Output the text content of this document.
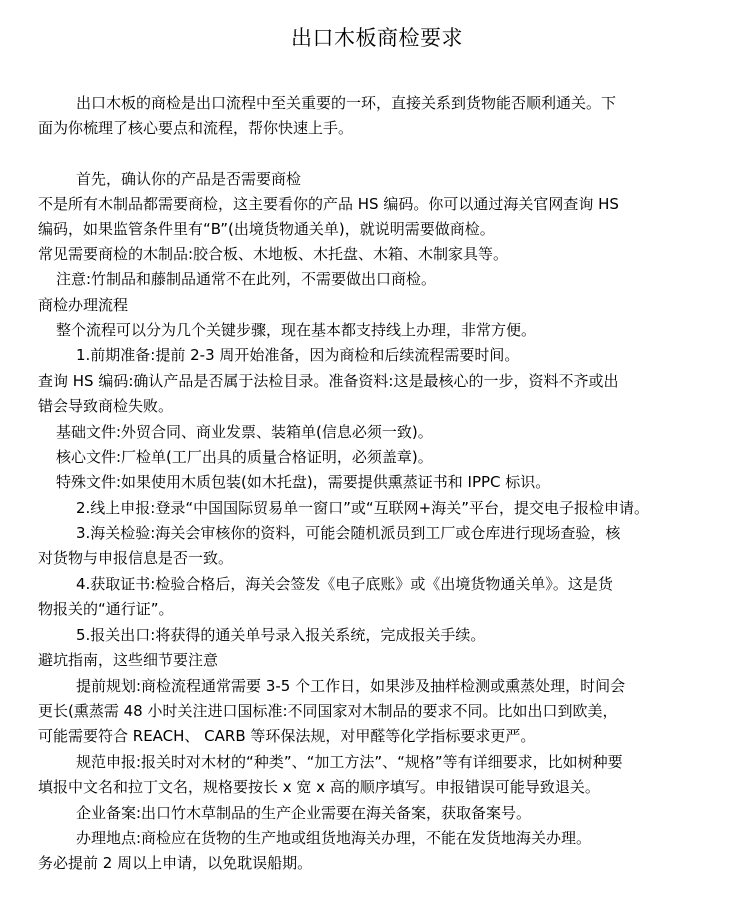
出口木板商检要求
出口木板的商检是出口流程中至关重要的一环，直接关系到货物能否顺利通关。下
面为你梳理了核心要点和流程，帮你快速上手。
首先，确认你的产品是否需要商检
不是所有木制品都需要商检，这主要看你的产品 HS 编码。你可以通过海关官网查询 HS
编码，如果监管条件里有“B”(出境货物通关单)，就说明需要做商检。
常见需要商检的木制品:胶合板、木地板、木托盘、木箱、木制家具等。
注意:竹制品和藤制品通常不在此列，不需要做出口商检。
商检办理流程
整个流程可以分为几个关键步骤，现在基本都支持线上办理，非常方便。
1.前期准备:提前 2-3 周开始准备，因为商检和后续流程需要时间。
查询 HS 编码:确认产品是否属于法检目录。准备资料:这是最核心的一步，资料不齐或出
错会导致商检失败。
基础文件:外贸合同、商业发票、装箱单(信息必须一致)。
核心文件:厂检单(工厂出具的质量合格证明，必须盖章)。
特殊文件:如果使用木质包装(如木托盘)，需要提供熏蒸证书和 IPPC 标识。
2.线上申报:登录“中国国际贸易单一窗口”或“互联网+海关”平台，提交电子报检申请。
3.海关检验:海关会审核你的资料，可能会随机派员到工厂或仓库进行现场查验，核
对货物与申报信息是否一致。
4.获取证书:检验合格后，海关会签发《电子底账》或《出境货物通关单》。这是货
物报关的“通行证”。
5.报关出口:将获得的通关单号录入报关系统，完成报关手续。
避坑指南，这些细节要注意
提前规划:商检流程通常需要 3-5 个工作日，如果涉及抽样检测或熏蒸处理，时间会
更长(熏蒸需 48 小时关注进口国标准:不同国家对木制品的要求不同。比如出口到欧美，
可能需要符合 REACH、 CARB 等环保法规，对甲醛等化学指标要求更严。
规范申报:报关时对木材的“种类”、“加工方法”、“规格”等有详细要求，比如树种要
填报中文名和拉丁文名，规格要按长 x 宽 x 高的顺序填写。申报错误可能导致退关。
企业备案:出口竹木草制品的生产企业需要在海关备案，获取备案号。
办理地点:商检应在货物的生产地或组货地海关办理，不能在发货地海关办理。
务必提前 2 周以上申请，以免耽误船期。
